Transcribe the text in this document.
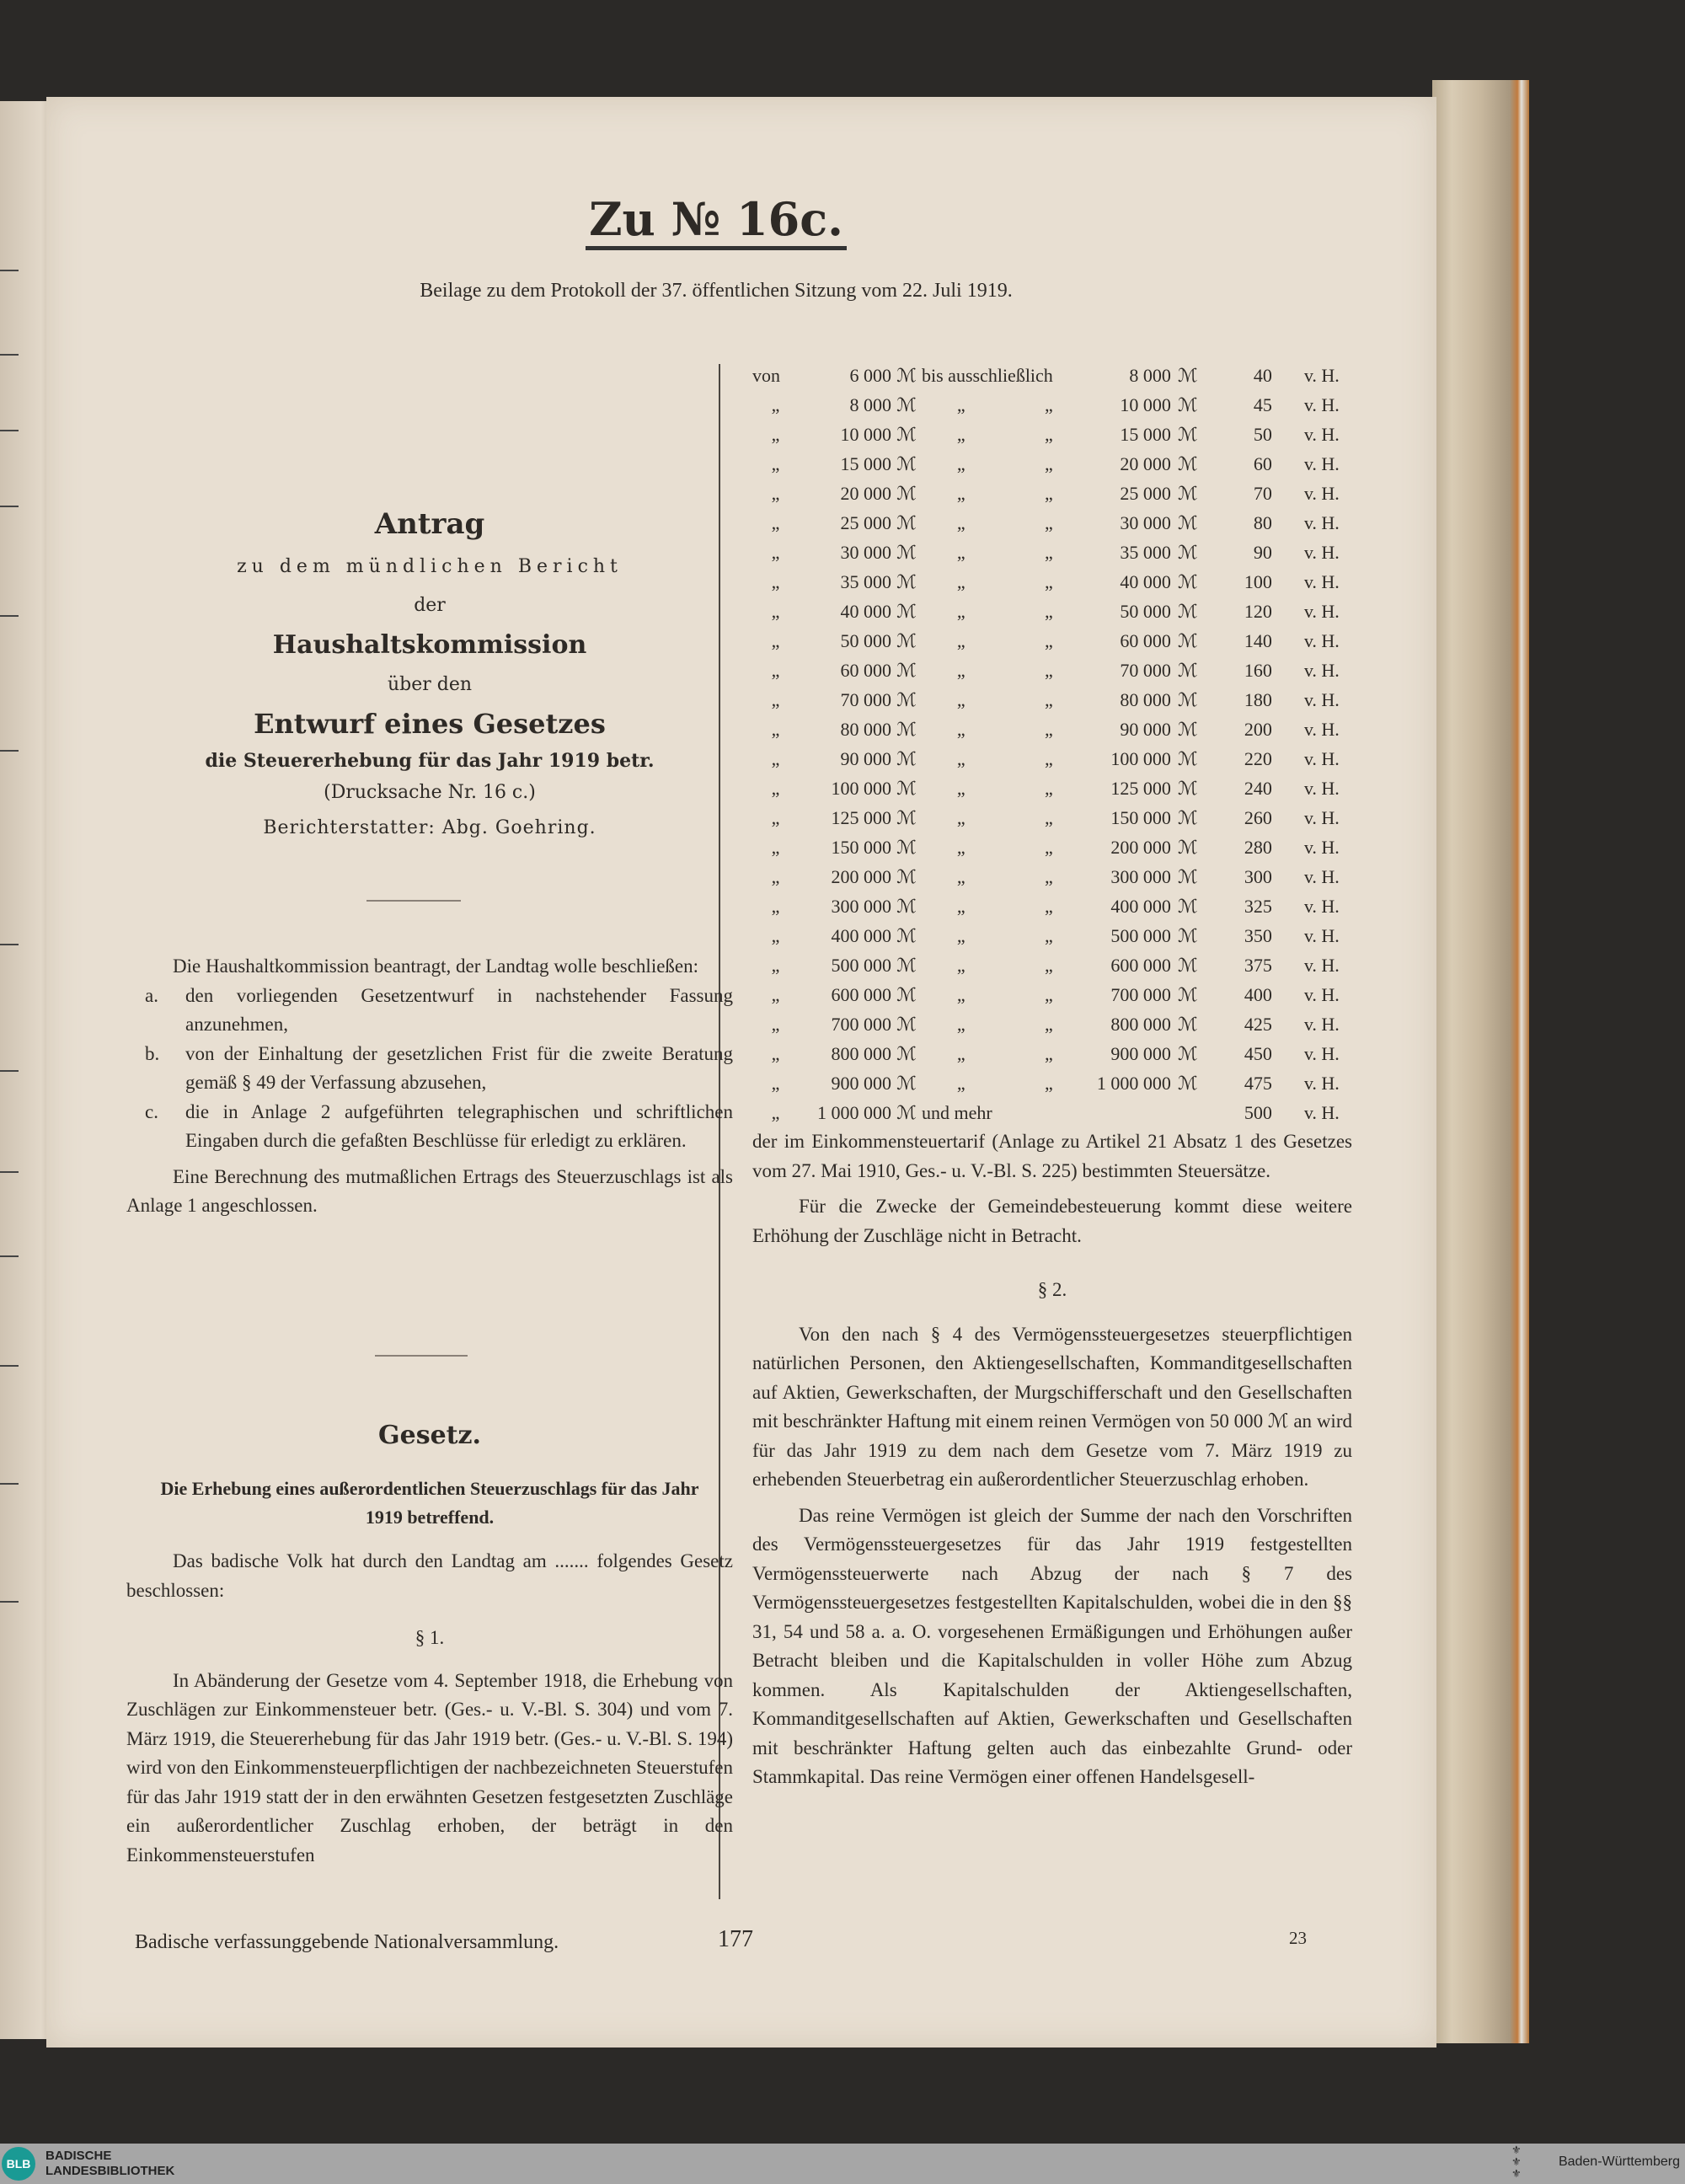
Zu № 16c.
Beilage zu dem Protokoll der 37. öffentlichen Sitzung vom 22. Juli 1919.
Antrag
zu dem mündlichen Bericht
der
Haushaltskommission
über den
Entwurf eines Gesetzes
die Steuererhebung für das Jahr 1919 betr.
(Drucksache Nr. 16 c.)
Berichterstatter: Abg. Goehring.

Die Haushaltkommission beantragt, der Landtag wolle beschließen:

a.	den vorliegenden Gesetzentwurf in nachstehender Fassung anzunehmen,
b.	von der Einhaltung der gesetzlichen Frist für die zweite Beratung gemäß § 49 der Verfassung abzusehen,
c.	die in Anlage 2 aufgeführten telegraphischen und schriftlichen Eingaben durch die gefaßten Beschlüsse für erledigt zu erklären.

Eine Berechnung des mutmaßlichen Ertrags des Steuerzuschlags ist als Anlage 1 angeschlossen.

Gesetz.
Die Erhebung eines außerordentlichen Steuerzuschlags für das Jahr 1919 betreffend.

Das badische Volk hat durch den Landtag am ....... folgendes Gesetz beschlossen:

§ 1.

In Abänderung der Gesetze vom 4. September 1918, die Erhebung von Zuschlägen zur Einkommensteuer betr. (Ges.- u. V.-Bl. S. 304) und vom 7. März 1919, die Steuererhebung für das Jahr 1919 betr. (Ges.- u. V.-Bl. S. 194) wird von den Einkommensteuerpflichtigen der nachbezeichneten Steuerstufen für das Jahr 1919 statt der in den erwähnten Gesetzen festgesetzten Zuschläge ein außerordentlicher Zuschlag erhoben, der beträgt in den Einkommensteuerstufen

von	6 000	ℳ	bis ausschließlich		8 000	ℳ	40	v. H.
„	8 000	ℳ	„	„	10 000	ℳ	45	v. H.
„	10 000	ℳ	„	„	15 000	ℳ	50	v. H.
„	15 000	ℳ	„	„	20 000	ℳ	60	v. H.
„	20 000	ℳ	„	„	25 000	ℳ	70	v. H.
„	25 000	ℳ	„	„	30 000	ℳ	80	v. H.
„	30 000	ℳ	„	„	35 000	ℳ	90	v. H.
„	35 000	ℳ	„	„	40 000	ℳ	100	v. H.
„	40 000	ℳ	„	„	50 000	ℳ	120	v. H.
„	50 000	ℳ	„	„	60 000	ℳ	140	v. H.
„	60 000	ℳ	„	„	70 000	ℳ	160	v. H.
„	70 000	ℳ	„	„	80 000	ℳ	180	v. H.
„	80 000	ℳ	„	„	90 000	ℳ	200	v. H.
„	90 000	ℳ	„	„	100 000	ℳ	220	v. H.
„	100 000	ℳ	„	„	125 000	ℳ	240	v. H.
„	125 000	ℳ	„	„	150 000	ℳ	260	v. H.
„	150 000	ℳ	„	„	200 000	ℳ	280	v. H.
„	200 000	ℳ	„	„	300 000	ℳ	300	v. H.
„	300 000	ℳ	„	„	400 000	ℳ	325	v. H.
„	400 000	ℳ	„	„	500 000	ℳ	350	v. H.
„	500 000	ℳ	„	„	600 000	ℳ	375	v. H.
„	600 000	ℳ	„	„	700 000	ℳ	400	v. H.
„	700 000	ℳ	„	„	800 000	ℳ	425	v. H.
„	800 000	ℳ	„	„	900 000	ℳ	450	v. H.
„	900 000	ℳ	„	„	1 000 000	ℳ	475	v. H.
„	1 000 000	ℳ	und mehr				500	v. H.

der im Einkommensteuertarif (Anlage zu Artikel 21 Absatz 1 des Gesetzes vom 27. Mai 1910, Ges.- u. V.-Bl. S. 225) bestimmten Steuersätze.

Für die Zwecke der Gemeindebesteuerung kommt diese weitere Erhöhung der Zuschläge nicht in Betracht.

§ 2.

Von den nach § 4 des Vermögenssteuergesetzes steuerpflichtigen natürlichen Personen, den Aktiengesellschaften, Kommanditgesellschaften auf Aktien, Gewerkschaften, der Murgschifferschaft und den Gesellschaften mit beschränkter Haftung mit einem reinen Vermögen von 50 000 ℳ an wird für das Jahr 1919 zu dem nach dem Gesetze vom 7. März 1919 zu erhebenden Steuerbetrag ein außerordentlicher Steuerzuschlag erhoben.

Das reine Vermögen ist gleich der Summe der nach den Vorschriften des Vermögenssteuergesetzes für das Jahr 1919 festgestellten Vermögenssteuerwerte nach Abzug der nach § 7 des Vermögenssteuergesetzes festgestellten Kapitalschulden, wobei die in den §§ 31, 54 und 58 a. a. O. vorgesehenen Ermäßigungen und Erhöhungen außer Betracht bleiben und die Kapitalschulden in voller Höhe zum Abzug kommen. Als Kapitalschulden der Aktiengesellschaften, Kommanditgesellschaften auf Aktien, Gewerkschaften und Gesellschaften mit beschränkter Haftung gelten auch das einbezahlte Grund- oder Stammkapital. Das reine Vermögen einer offenen Handelsgesell-

Badische verfassunggebende Nationalversammlung.	177	23
BLB
BADISCHE
LANDESBIBLIOTHEK
⚜
⚜
⚜
Baden-Württemberg
